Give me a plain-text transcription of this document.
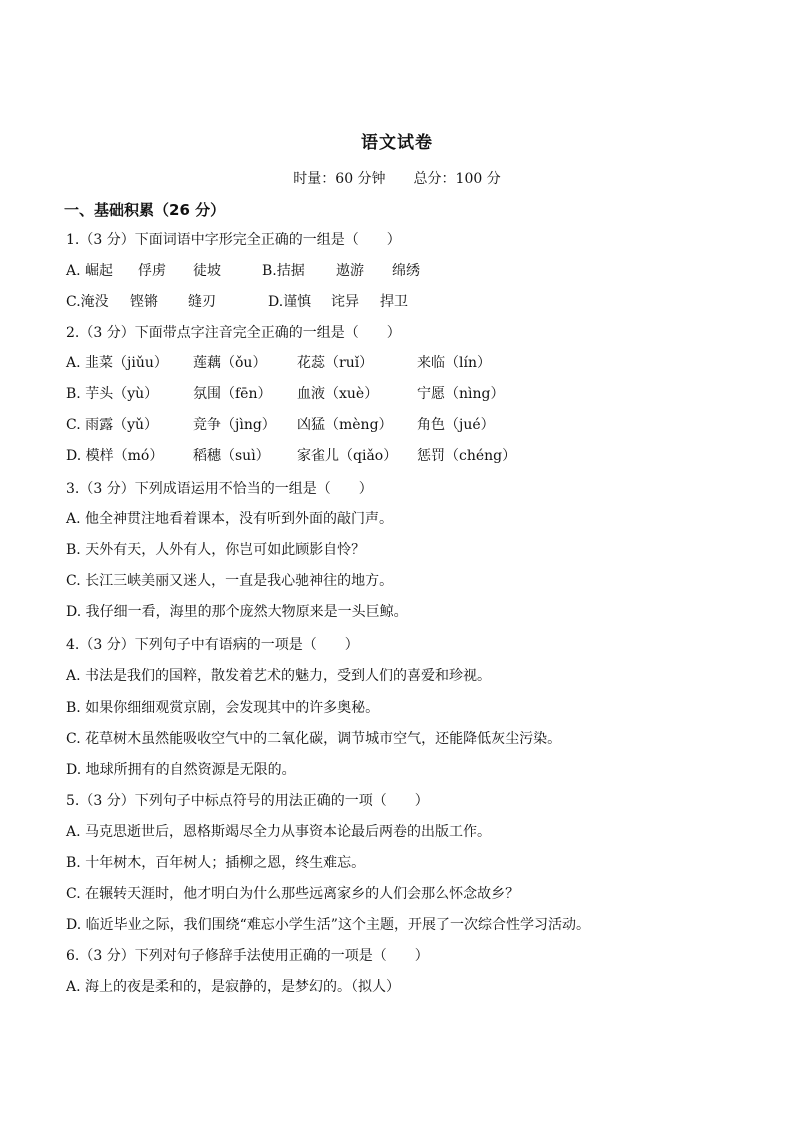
语文试卷
时量：60 分钟 总分：100 分
一、基础积累（26 分）
1.（3 分）下面词语中字形完全正确的一组是（　　）
A. 崛起 俘虏 徒坡	B.拮据 遨游 绵绣
C.淹没 铿锵 缝刃	D.谨慎 诧异 捍卫
2.（3 分）下面带点字注音完全正确的一组是（　　）
A. 韭菜（jiǔu） 莲藕（ǒu） 花蕊（ruǐ）	来临（lín）
B. 芋头（yù） 氛围（fēn） 血液（xuè）	宁愿（nìng）
C. 雨露（yǔ） 竞争（jìng） 凶猛（mèng） 角色（jué）
D. 模样（mó） 稻穗（suì） 家雀儿（qiǎo） 惩罚（chéng）
3.（3 分）下列成语运用不恰当的一组是（　　）
A. 他全神贯注地看着课本，没有听到外面的敲门声。
B. 天外有天，人外有人，你岂可如此顾影自怜？
C. 长江三峡美丽又迷人，一直是我心驰神往的地方。
D. 我仔细一看，海里的那个庞然大物原来是一头巨鲸。
4.（3 分）下列句子中有语病的一项是（　　）
A. 书法是我们的国粹，散发着艺术的魅力，受到人们的喜爱和珍视。
B. 如果你细细观赏京剧，会发现其中的许多奥秘。
C. 花草树木虽然能吸收空气中的二氧化碳，调节城市空气，还能降低灰尘污染。
D. 地球所拥有的自然资源是无限的。
5.（3 分）下列句子中标点符号的用法正确的一项（　　）
A. 马克思逝世后，恩格斯竭尽全力从事资本论最后两卷的出版工作。
B. 十年树木，百年树人；插柳之恩，终生难忘。
C. 在辗转天涯时，他才明白为什么那些远离家乡的人们会那么怀念故乡？
D. 临近毕业之际，我们围绕“难忘小学生活”这个主题，开展了一次综合性学习活动。
6.（3 分）下列对句子修辞手法使用正确的一项是（　　）
A. 海上的夜是柔和的，是寂静的，是梦幻的。（拟人）
